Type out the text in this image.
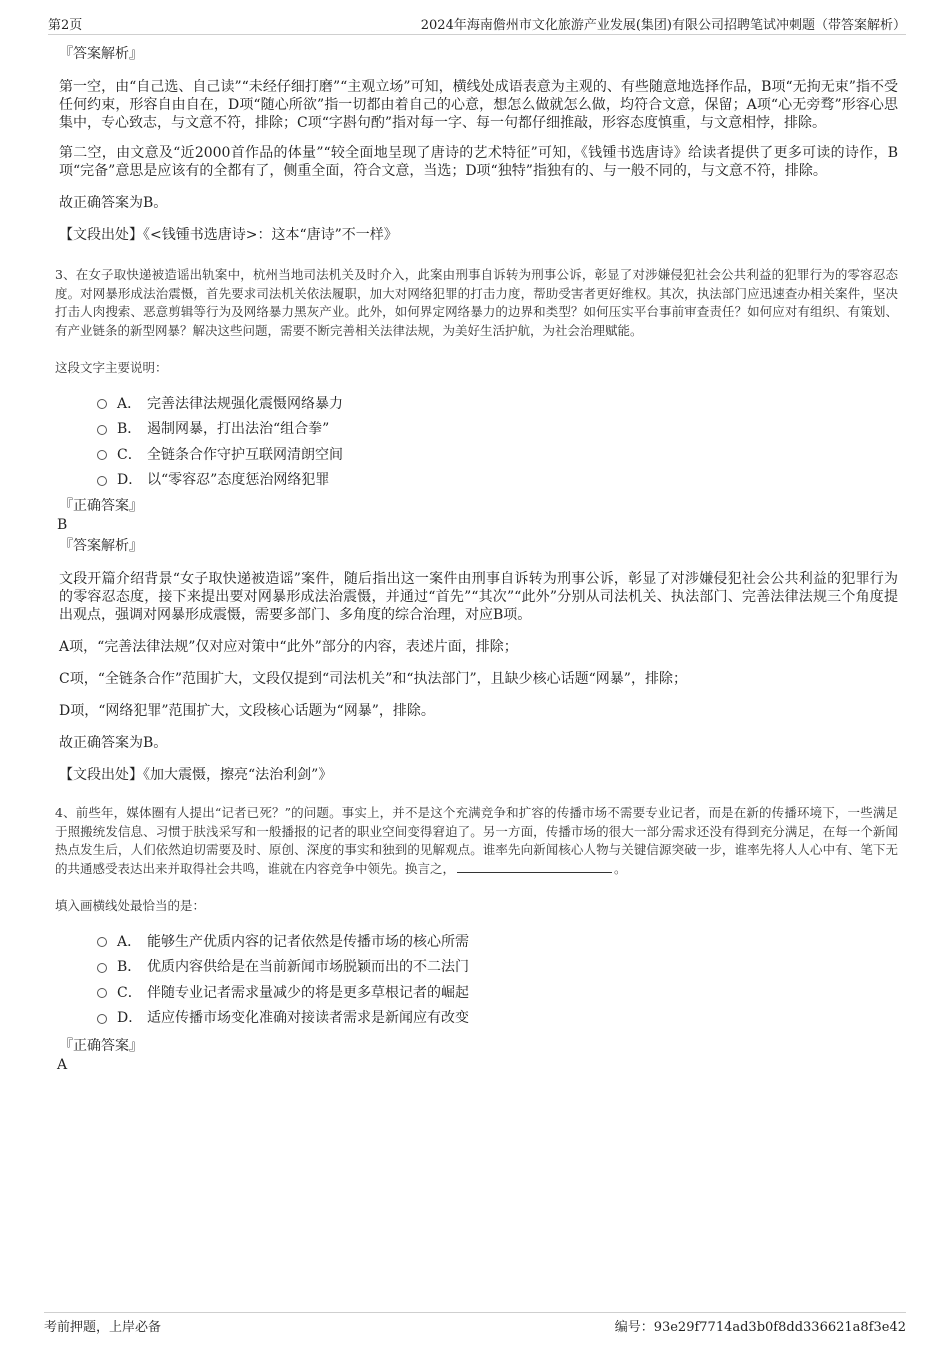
第2页	2024年海南儋州市文化旅游产业发展(集团)有限公司招聘笔试冲刺题（带答案解析）
『答案解析』

第一空，由“自己选、自己读”“未经仔细打磨”“主观立场”可知，横线处成语表意为主观的、有些随意地选择作品，B项“无拘无束”指不受任何约束，形容自由自在，D项“随心所欲”指一切都由着自己的心意，想怎么做就怎么做，均符合文意，保留；A项“心无旁骛”形容心思集中，专心致志，与文意不符，排除；C项“字斟句酌”指对每一字、每一句都仔细推敲，形容态度慎重，与文意相悖，排除。

第二空，由文意及“近2000首作品的体量”“较全面地呈现了唐诗的艺术特征”可知，《钱锺书选唐诗》给读者提供了更多可读的诗作，B项“完备”意思是应该有的全都有了，侧重全面，符合文意，当选；D项“独特”指独有的、与一般不同的，与文意不符，排除。

故正确答案为B。

【文段出处】《<钱锺书选唐诗>：这本“唐诗”不一样》

3、在女子取快递被造谣出轨案中，杭州当地司法机关及时介入，此案由刑事自诉转为刑事公诉，彰显了对涉嫌侵犯社会公共利益的犯罪行为的零容忍态度。对网暴形成法治震慑，首先要求司法机关依法履职，加大对网络犯罪的打击力度，帮助受害者更好维权。其次，执法部门应迅速查办相关案件，坚决打击人肉搜索、恶意剪辑等行为及网络暴力黑灰产业。此外，如何界定网络暴力的边界和类型？如何压实平台事前审查责任？如何应对有组织、有策划、有产业链条的新型网暴？解决这些问题，需要不断完善相关法律法规，为美好生活护航，为社会治理赋能。

这段文字主要说明：
A． 完善法律法规强化震慑网络暴力
B． 遏制网暴，打出法治“组合拳”
C． 全链条合作守护互联网清朗空间
D． 以“零容忍”态度惩治网络犯罪
『正确答案』
B
『答案解析』

文段开篇介绍背景“女子取快递被造谣”案件，随后指出这一案件由刑事自诉转为刑事公诉，彰显了对涉嫌侵犯社会公共利益的犯罪行为的零容忍态度，接下来提出要对网暴形成法治震慑，并通过“首先”“其次”“此外”分别从司法机关、执法部门、完善法律法规三个角度提出观点，强调对网暴形成震慑，需要多部门、多角度的综合治理，对应B项。

A项，“完善法律法规”仅对应对策中“此外”部分的内容，表述片面，排除；

C项，“全链条合作”范围扩大，文段仅提到“司法机关”和“执法部门”，且缺少核心话题“网暴”，排除；

D项，“网络犯罪”范围扩大，文段核心话题为“网暴”，排除。

故正确答案为B。

【文段出处】《加大震慑，擦亮“法治利剑”》

4、前些年，媒体圈有人提出“记者已死？”的问题。事实上，并不是这个充满竞争和扩容的传播市场不需要专业记者，而是在新的传播环境下，一些满足于照搬统发信息、习惯于肤浅采写和一般播报的记者的职业空间变得窘迫了。另一方面，传播市场的很大一部分需求还没有得到充分满足，在每一个新闻热点发生后，人们依然迫切需要及时、原创、深度的事实和独到的见解观点。谁率先向新闻核心人物与关键信源突破一步，谁率先将人人心中有、笔下无的共通感受表达出来并取得社会共鸣，谁就在内容竞争中领先。换言之，	。

填入画横线处最恰当的是：
A． 能够生产优质内容的记者依然是传播市场的核心所需
B． 优质内容供给是在当前新闻市场脱颖而出的不二法门
C． 伴随专业记者需求量减少的将是更多草根记者的崛起
D． 适应传播市场变化准确对接读者需求是新闻应有改变
『正确答案』
A
考前押题，上岸必备	编号：93e29f7714ad3b0f8dd336621a8f3e42
